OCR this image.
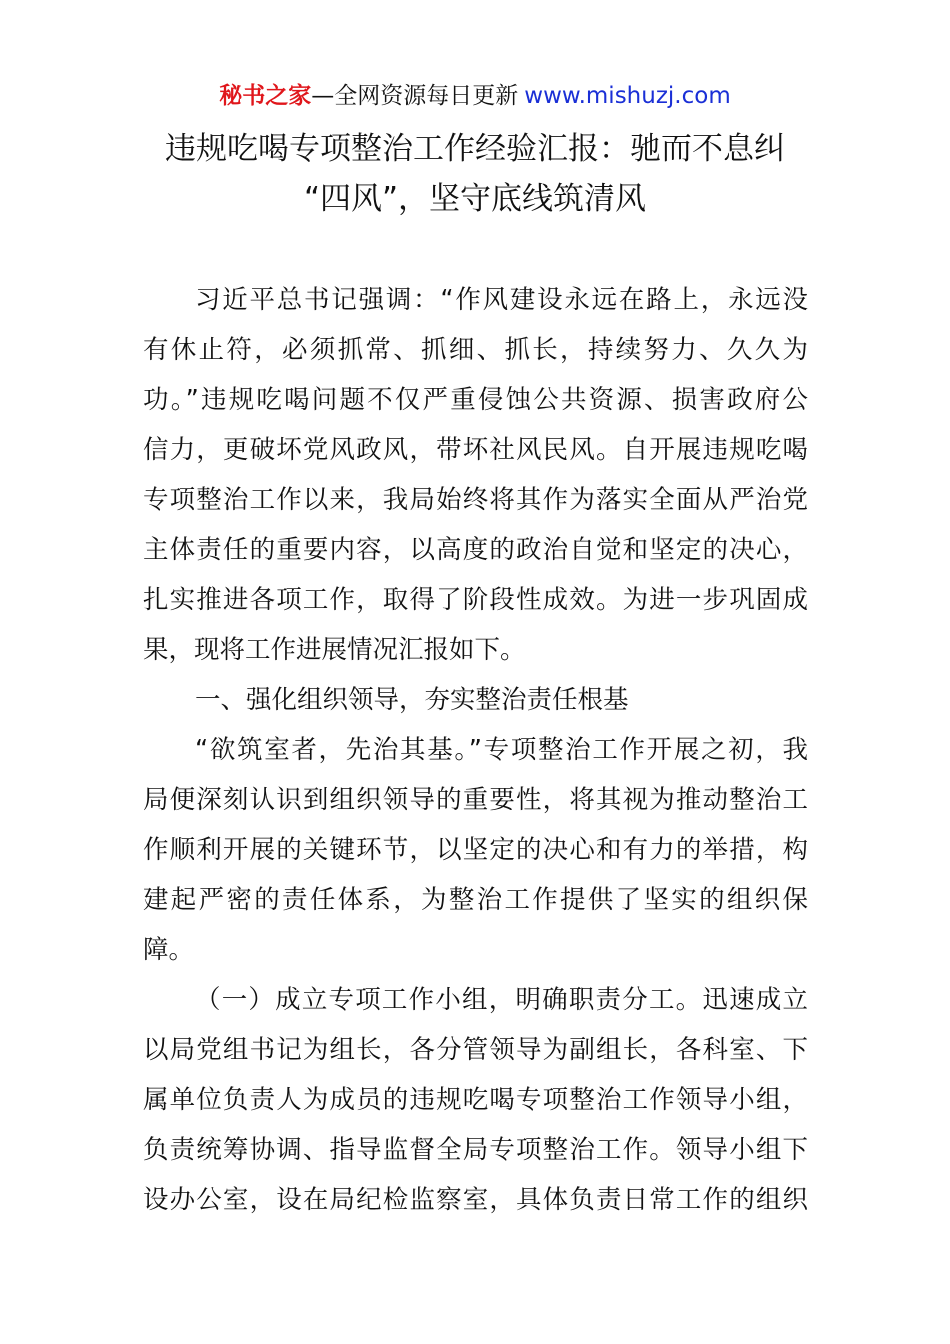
秘书之家—全网资源每日更新 www.mishuzj.com
违规吃喝专项整治工作经验汇报：驰而不息纠
“四风”，坚守底线筑清风
习近平总书记强调：“作风建设永远在路上，永远没
有休止符，必须抓常、抓细、抓长，持续努力、久久为
功。”违规吃喝问题不仅严重侵蚀公共资源、损害政府公
信力，更破坏党风政风，带坏社风民风。自开展违规吃喝
专项整治工作以来，我局始终将其作为落实全面从严治党
主体责任的重要内容，以高度的政治自觉和坚定的决心，
扎实推进各项工作，取得了阶段性成效。为进一步巩固成
果，现将工作进展情况汇报如下。
一、强化组织领导，夯实整治责任根基
“欲筑室者，先治其基。”专项整治工作开展之初，我
局便深刻认识到组织领导的重要性，将其视为推动整治工
作顺利开展的关键环节，以坚定的决心和有力的举措，构
建起严密的责任体系，为整治工作提供了坚实的组织保
障。
（一）成立专项工作小组，明确职责分工。迅速成立
以局党组书记为组长，各分管领导为副组长，各科室、下
属单位负责人为成员的违规吃喝专项整治工作领导小组，
负责统筹协调、指导监督全局专项整治工作。领导小组下
设办公室，设在局纪检监察室，具体负责日常工作的组织
